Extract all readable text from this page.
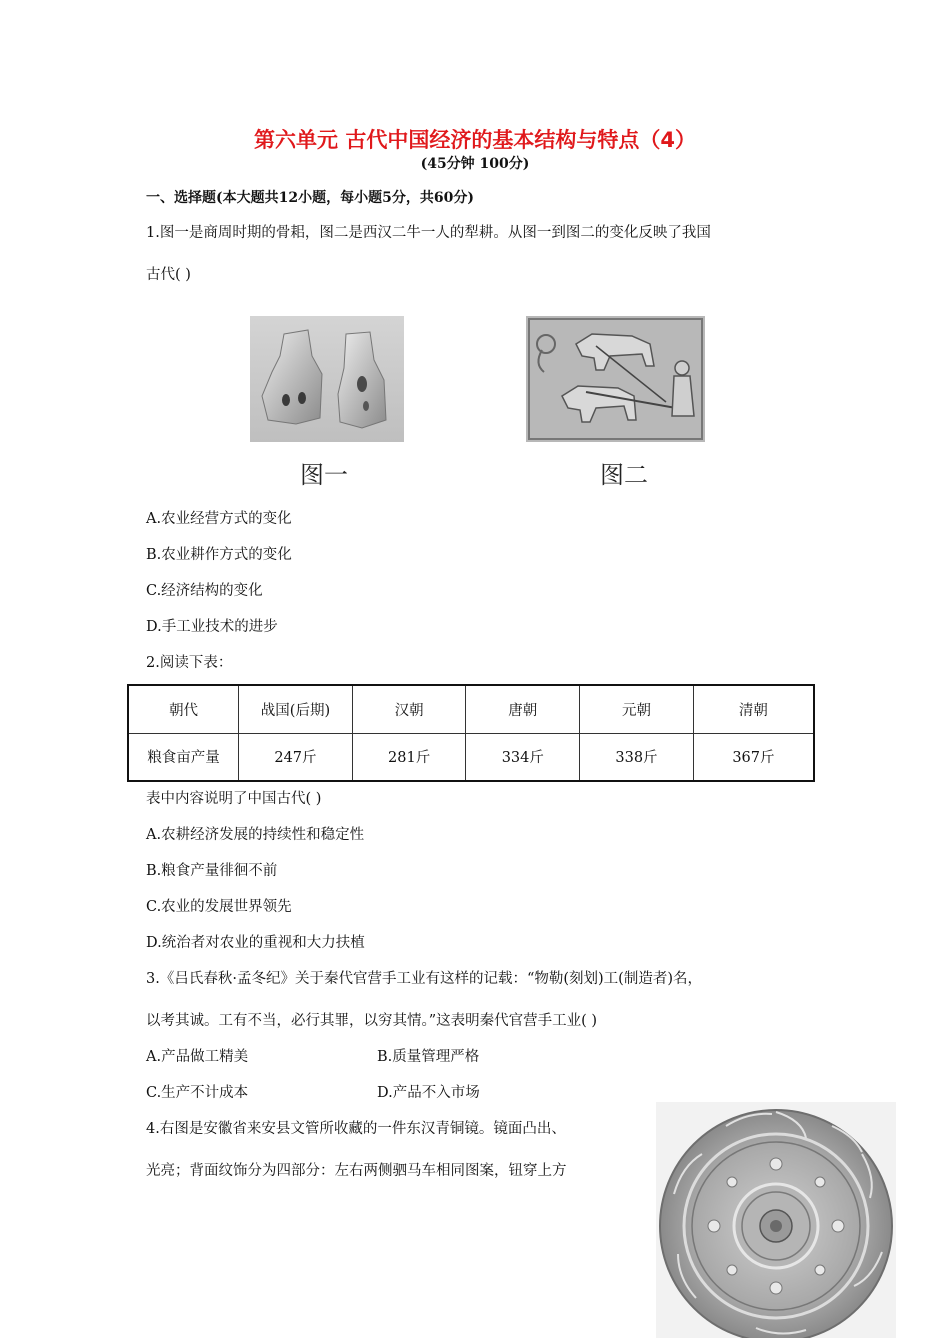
第六单元 古代中国经济的基本结构与特点（4）
(45分钟 100分)
一、选择题(本大题共12小题，每小题5分，共60分)
1.图一是商周时期的骨耜，图二是西汉二牛一人的犁耕。从图一到图二的变化反映了我国
古代( )
图一	图二
A.农业经营方式的变化
B.农业耕作方式的变化
C.经济结构的变化
D.手工业技术的进步
2.阅读下表：
朝代	战国(后期)	汉朝	唐朝	元朝	清朝
粮食亩产量	247斤	281斤	334斤	338斤	367斤
表中内容说明了中国古代( )
A.农耕经济发展的持续性和稳定性
B.粮食产量徘徊不前
C.农业的发展世界领先
D.统治者对农业的重视和大力扶植
3.《吕氏春秋·孟冬纪》关于秦代官营手工业有这样的记载：“物勒(刻划)工(制造者)名，
以考其诚。工有不当，必行其罪，以穷其情。”这表明秦代官营手工业( )
A.产品做工精美	B.质量管理严格
C.生产不计成本	D.产品不入市场
4.右图是安徽省来安县文管所收藏的一件东汉青铜镜。镜面凸出、
光亮；背面纹饰分为四部分：左右两侧驷马车相同图案，钮穿上方
